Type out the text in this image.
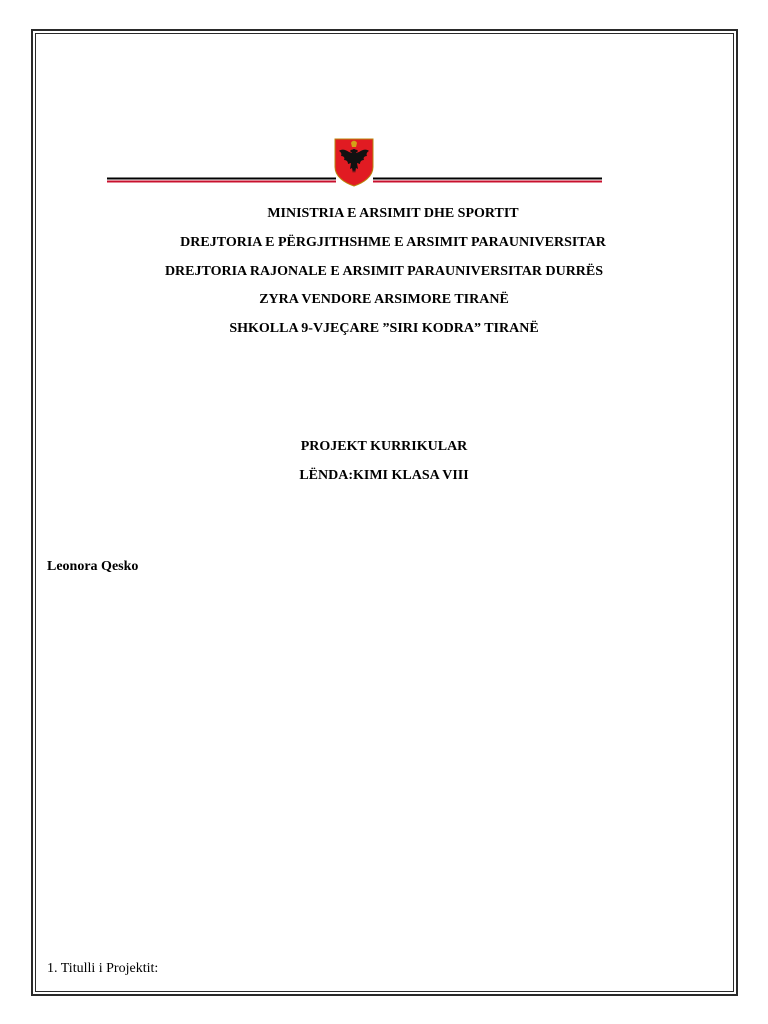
MINISTRIA E ARSIMIT DHE SPORTIT
DREJTORIA E PËRGJITHSHME E ARSIMIT PARAUNIVERSITAR
DREJTORIA RAJONALE E ARSIMIT PARAUNIVERSITAR DURRËS
ZYRA VENDORE ARSIMORE TIRANË
SHKOLLA 9-VJEÇARE ”SIRI KODRA” TIRANË
PROJEKT KURRIKULAR
LËNDA:KIMI KLASA VIII
Leonora Qesko
1. Titulli i Projektit:
